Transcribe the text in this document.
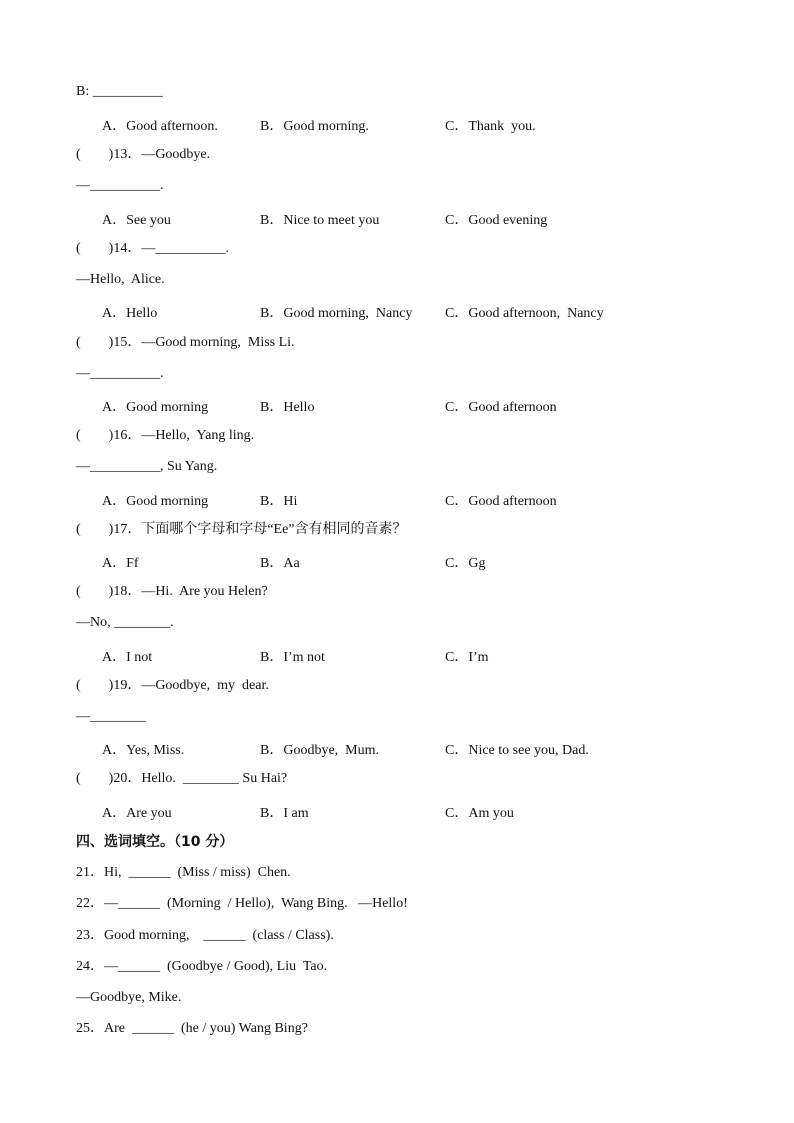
B: __________
A．Good afternoon.	B．Good morning.	C．Thank  you.
(        )13．—Goodbye.
—__________.
A．See you	B．Nice to meet you	C．Good evening
(        )14．—__________.
—Hello,  Alice.
A．Hello	B．Good morning,  Nancy C．Good afternoon,  Nancy
(        )15．—Good morning,  Miss Li.
—__________.
A．Good morning	B．Hello	C．Good afternoon
(        )16．—Hello,  Yang ling.
—__________, Su Yang.
A．Good morning	B．Hi	C．Good afternoon
(        )17．下面哪个字母和字母“Ee”含有相同的音素？
A．Ff	B．Aa	C．Gg
(        )18．—Hi.  Are you Helen?
—No, ________.
A．I not	B．I’m not	C．I’m
(        )19．—Goodbye,  my  dear.
—________
A．Yes, Miss.	B．Goodbye,  Mum.	C．Nice to see you, Dad.
(        )20．Hello.  ________ Su Hai?
A．Are you	B．I am	C．Am you
四、选词填空。（10 分）
21．Hi,  ______  (Miss / miss)  Chen.
22．—______  (Morning  / Hello),  Wang Bing.   —Hello!
23．Good morning,    ______  (class / Class).
24．—______  (Goodbye / Good), Liu  Tao.
—Goodbye, Mike.
25．Are  ______  (he / you) Wang Bing?
